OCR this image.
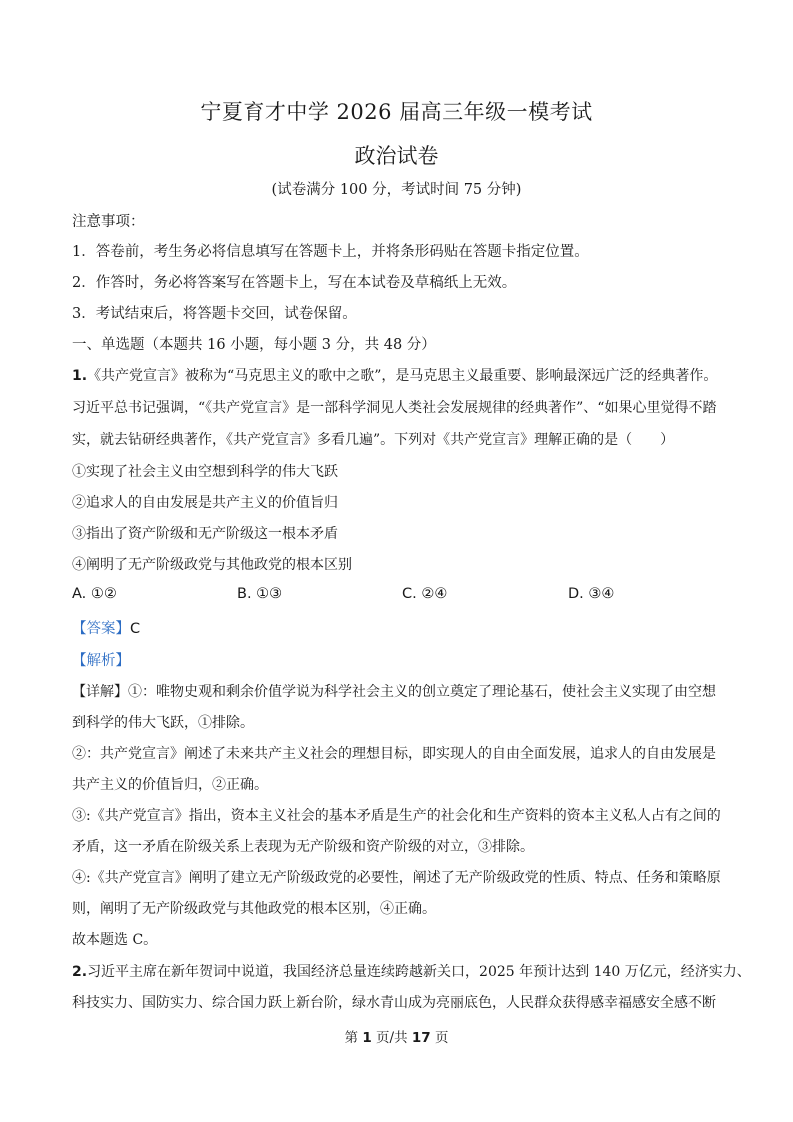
宁夏育才中学 2026 届高三年级一模考试
政治试卷
(试卷满分 100 分，考试时间 75 分钟)
注意事项：
1．答卷前，考生务必将信息填写在答题卡上，并将条形码贴在答题卡指定位置。
2．作答时，务必将答案写在答题卡上，写在本试卷及草稿纸上无效。
3．考试结束后，将答题卡交回，试卷保留。
一、单选题（本题共 16 小题，每小题 3 分，共 48 分）
1.《共产党宣言》被称为“马克思主义的歌中之歌”，是马克思主义最重要、影响最深远广泛的经典著作。
习近平总书记强调，“《共产党宣言》是一部科学洞见人类社会发展规律的经典著作”、“如果心里觉得不踏
实，就去钻研经典著作，《共产党宣言》多看几遍”。下列对《共产党宣言》理解正确的是（　　）
①实现了社会主义由空想到科学的伟大飞跃
②追求人的自由发展是共产主义的价值旨归
③指出了资产阶级和无产阶级这一根本矛盾
④阐明了无产阶级政党与其他政党的根本区别
A. ①②	B. ①③	C. ②④	D. ③④
【答案】C
【解析】
【详解】①：唯物史观和剩余价值学说为科学社会主义的创立奠定了理论基石，使社会主义实现了由空想
到科学的伟大飞跃，①排除。
②：共产党宣言》阐述了未来共产主义社会的理想目标，即实现人的自由全面发展，追求人的自由发展是
共产主义的价值旨归，②正确。
③:《共产党宣言》指出，资本主义社会的基本矛盾是生产的社会化和生产资料的资本主义私人占有之间的
矛盾，这一矛盾在阶级关系上表现为无产阶级和资产阶级的对立，③排除。
④:《共产党宣言》阐明了建立无产阶级政党的必要性，阐述了无产阶级政党的性质、特点、任务和策略原
则，阐明了无产阶级政党与其他政党的根本区别，④正确。
故本题选 C。
2.习近平主席在新年贺词中说道，我国经济总量连续跨越新关口，2025 年预计达到 140 万亿元，经济实力、
科技实力、国防实力、综合国力跃上新台阶，绿水青山成为亮丽底色，人民群众获得感幸福感安全感不断
第 1 页/共 17 页
